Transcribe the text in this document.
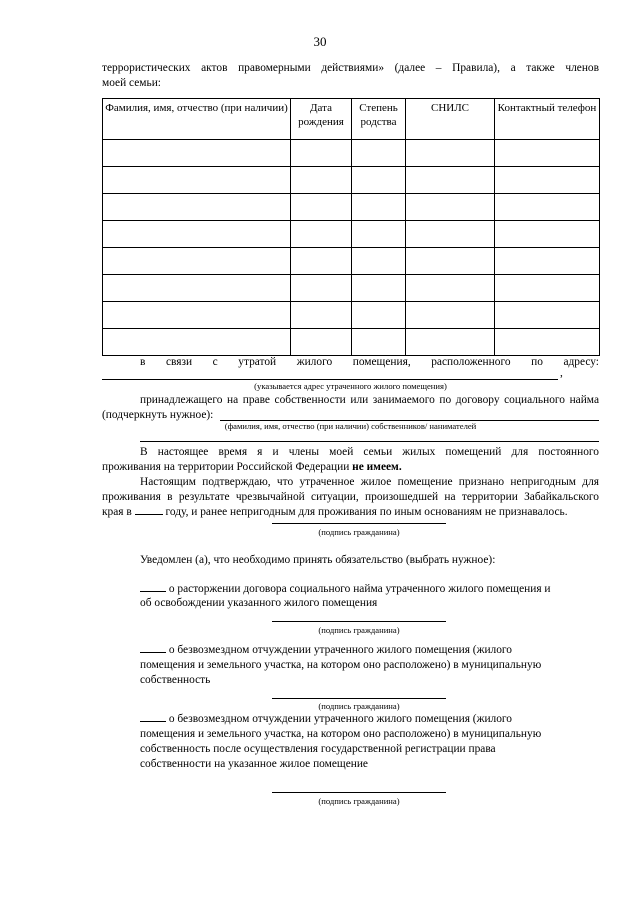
30
террористических актов правомерными действиями» (далее – Правила), а также членов
моей семьи:
Фамилия, имя, отчество (при наличии)	Дата рождения	Степень родства	СНИЛС	Контактный телефон

в связи с утратой жилого помещения, расположенного по адресу:
,
(указывается адрес утраченного жилого помещения)
принадлежащего на праве собственности или занимаемого по договору социального найма
(подчеркнуть нужное):
(фамилия, имя, отчество (при наличии) собственников/ нанимателей
В настоящее время я и члены моей семьи жилых помещений для постоянного
проживания на территории Российской Федерации не имеем.
Настоящим подтверждаю, что утраченное жилое помещение признано непригодным для
проживания в результате чрезвычайной ситуации, произошедшей на территории Забайкальского
края в	году, и ранее непригодным для проживания по иным основаниям не признавалось.
(подпись гражданина)
Уведомлен (а), что необходимо принять обязательство (выбрать нужное):
о расторжении договора социального найма утраченного жилого помещения и
об освобождении указанного жилого помещения
(подпись гражданина)
о безвозмездном отчуждении утраченного жилого помещения (жилого
помещения и земельного участка, на котором оно расположено) в муниципальную
собственность
(подпись гражданина)
о безвозмездном отчуждении утраченного жилого помещения (жилого
помещения и земельного участка, на котором оно расположено) в муниципальную
собственность после осуществления государственной регистрации права
собственности на указанное жилое помещение
(подпись гражданина)
